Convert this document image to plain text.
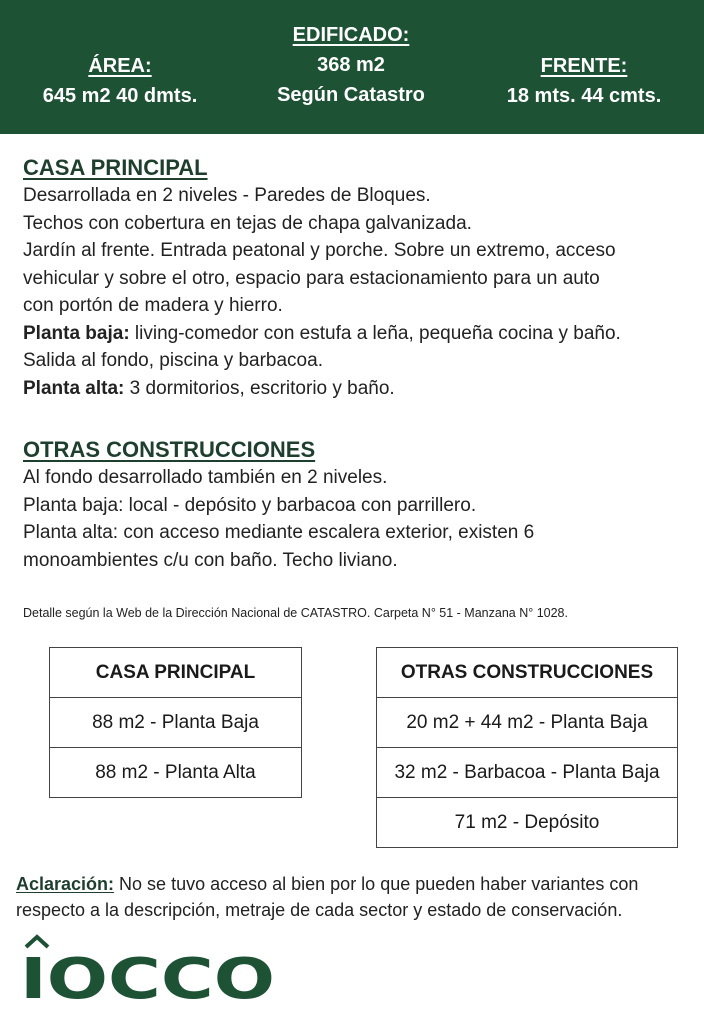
ÁREA:
645 m2 40 dmts.
EDIFICADO:
368 m2
Según Catastro
FRENTE:
18 mts. 44 cmts.
CASA PRINCIPAL

Desarrollada en 2 niveles - Paredes de Bloques.

Techos con cobertura en tejas de chapa galvanizada.

Jardín al frente. Entrada peatonal y porche. Sobre un extremo, acceso

vehicular y sobre el otro, espacio para estacionamiento para un auto

con portón de madera y hierro.

Planta baja: living-comedor con estufa a leña, pequeña cocina y baño.

Salida al fondo, piscina y barbacoa.

Planta alta: 3 dormitorios, escritorio y baño.

OTRAS CONSTRUCCIONES

Al fondo desarrollado también en 2 niveles.

Planta baja: local - depósito y barbacoa con parrillero.

Planta alta: con acceso mediante escalera exterior, existen 6

monoambientes c/u con baño. Techo liviano.

Detalle según la Web de la Dirección Nacional de CATASTRO. Carpeta N° 51 - Manzana N° 1028.
CASA PRINCIPAL
88 m2 - Planta Baja
88 m2 - Planta Alta
OTRAS CONSTRUCCIONES
20 m2 + 44 m2 - Planta Baja
32 m2 - Barbacoa - Planta Baja
71 m2 - Depósito
Aclaración: No se tuvo acceso al bien por lo que pueden haber variantes con
respecto a la descripción, metraje de cada sector y estado de conservación.
IOCCO
